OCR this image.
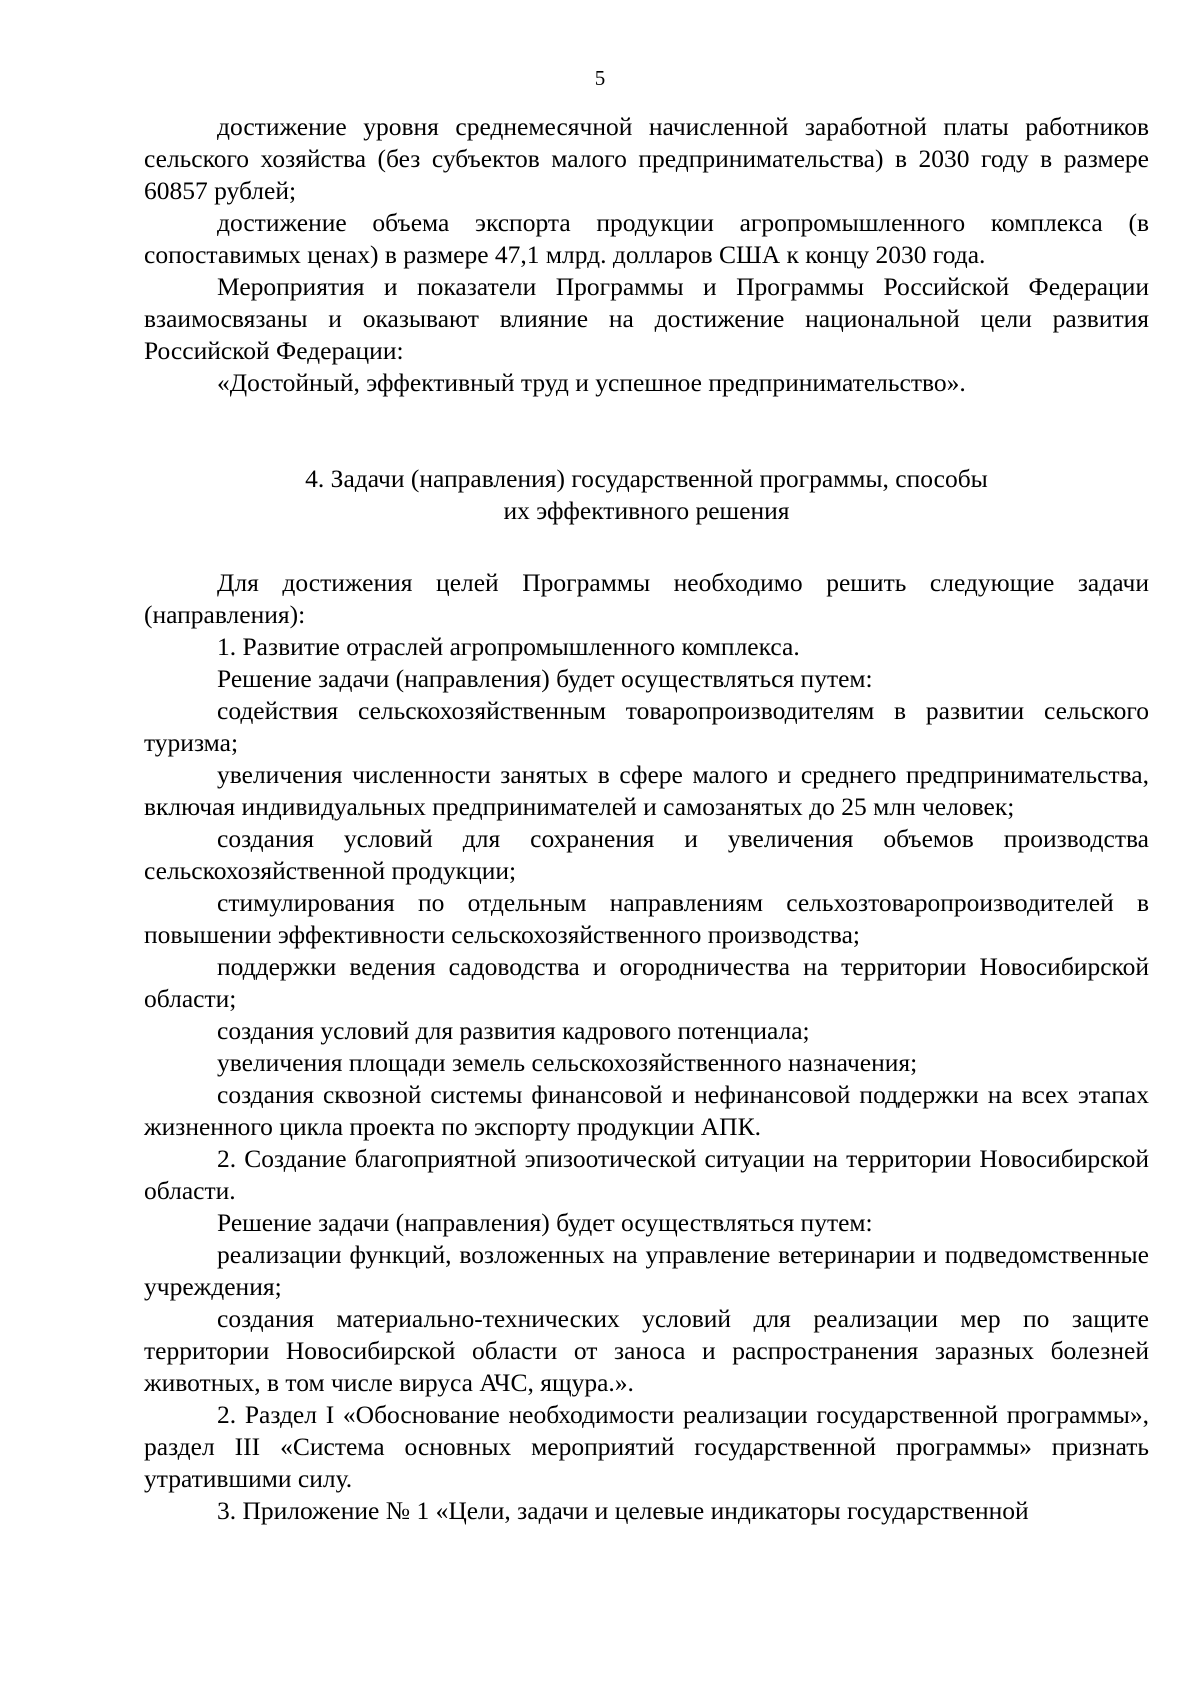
5

достижение уровня среднемесячной начисленной заработной платы работников сельского хозяйства (без субъектов малого предпринимательства) в 2030 году в размере 60857 рублей;

достижение объема экспорта продукции агропромышленного комплекса (в сопоставимых ценах) в размере 47,1 млрд. долларов США к концу 2030 года.

Мероприятия и показатели Программы и Программы Российской Федерации взаимосвязаны и оказывают влияние на достижение национальной цели развития Российской Федерации:

«Достойный, эффективный труд и успешное предпринимательство».

4. Задачи (направления) государственной программы, способы

их эффективного решения

Для достижения целей Программы необходимо решить следующие задачи (направления):

1. Развитие отраслей агропромышленного комплекса.

Решение задачи (направления) будет осуществляться путем:

содействия сельскохозяйственным товаропроизводителям в развитии сельского туризма;

увеличения численности занятых в сфере малого и среднего предпринимательства, включая индивидуальных предпринимателей и самозанятых до 25 млн человек;

создания условий для сохранения и увеличения объемов производства сельскохозяйственной продукции;

стимулирования по отдельным направлениям сельхозтоваропроизводителей в повышении эффективности сельскохозяйственного производства;

поддержки ведения садоводства и огородничества на территории Новосибирской области;

создания условий для развития кадрового потенциала;

увеличения площади земель сельскохозяйственного назначения;

создания сквозной системы финансовой и нефинансовой поддержки на всех этапах жизненного цикла проекта по экспорту продукции АПК.

2. Создание благоприятной эпизоотической ситуации на территории Новосибирской области.

Решение задачи (направления) будет осуществляться путем:

реализации функций, возложенных на управление ветеринарии и подведомственные учреждения;

создания материально-технических условий для реализации мер по защите территории Новосибирской области от заноса и распространения заразных болезней животных, в том числе вируса АЧС, ящура.».

2. Раздел I «Обоснование необходимости реализации государственной программы», раздел III «Система основных мероприятий государственной программы» признать утратившими силу.

3. Приложение № 1 «Цели, задачи и целевые индикаторы государственной
